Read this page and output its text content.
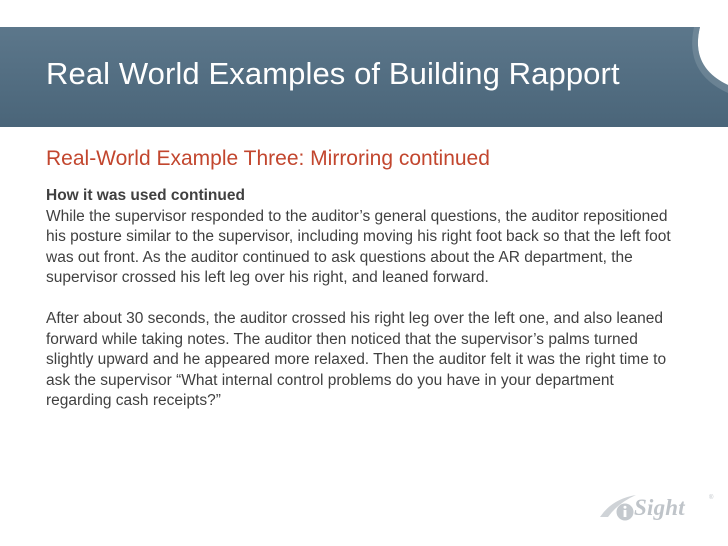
Real World Examples of Building Rapport
Real-World Example Three: Mirroring continued

How it was used continued

While the supervisor responded to the auditor’s general questions, the auditor repositioned his posture similar to the supervisor, including moving his right foot back so that the left foot was out front. As the auditor continued to ask questions about the AR department, the supervisor crossed his left leg over his right, and leaned forward.

After about 30 seconds, the auditor crossed his right leg over the left one, and also leaned forward while taking notes. The auditor then noticed that the supervisor’s palms turned slightly upward and he appeared more relaxed. Then the auditor felt it was the right time to ask the supervisor “What internal control problems do you have in your department regarding cash receipts?”

Sight	®
